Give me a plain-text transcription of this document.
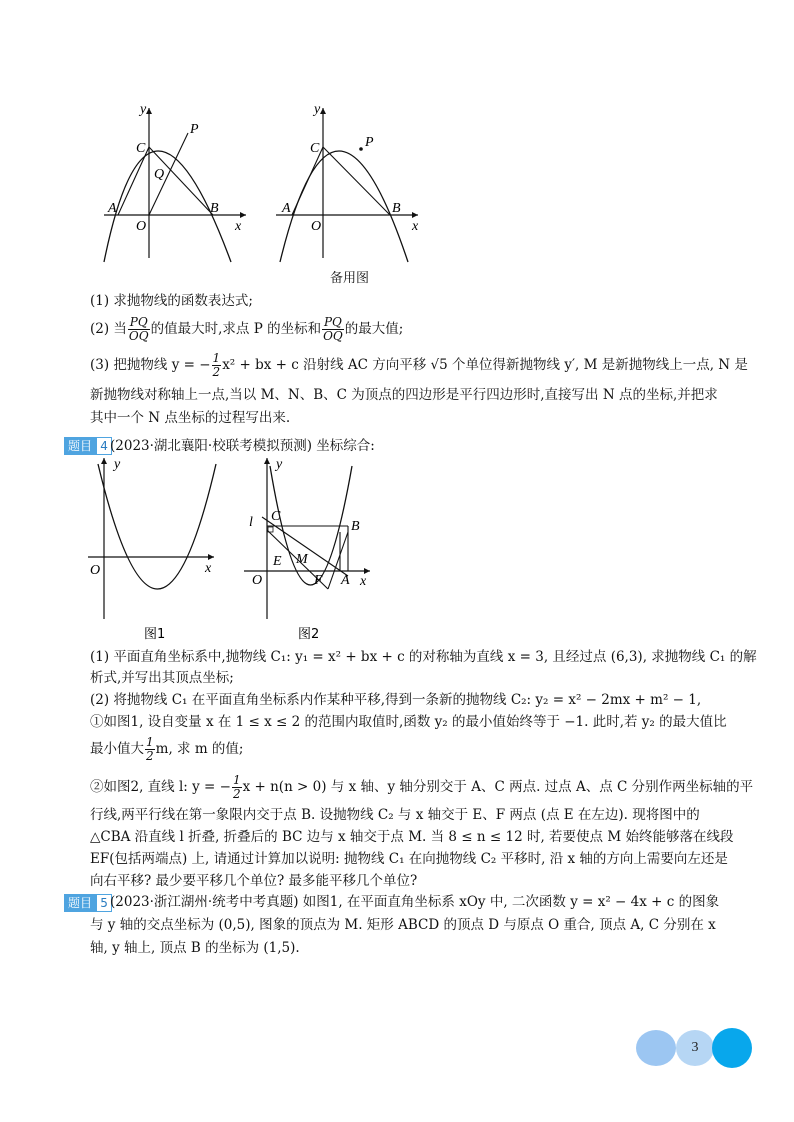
y
C
P
Q
A
O
B
x
y
C	P
A
O
B
x
备用图
(1) 求抛物线的函数表达式;
(2) 当 $\frac{PQ}{OQ}$ 的值最大时,求点 P 的坐标和 $\frac{PQ}{OQ}$ 的最大值;
(3) 把抛物线 y = − $\frac{1}{2} x^2$ + bx + c 沿射线 AC 方向平移 √5 个单位得新抛物线 y′, M 是新抛物线上一点, N 是
新抛物线对称轴上一点,当以 M、N、B、C 为顶点的四边形是平行四边形时,直接写出 N 点的坐标,并把求
其中一个 N 点坐标的过程写出来.
题目 4 (2023·湖北襄阳·校联考模拟预测) 坐标综合:
y
O	x
图1
y
l C
B
E M
O	F A x
图2
(1) 平面直角坐标系中,抛物线 C₁: y₁ = x² + bx + c 的对称轴为直线 x = 3, 且经过点 (6,3), 求抛物线 C₁ 的解
析式,并写出其顶点坐标;
(2) 将抛物线 C₁ 在平面直角坐标系内作某种平移,得到一条新的抛物线 C₂: y₂ = x² − 2mx + m² − 1,
①如图1, 设自变量 x 在 1 ≤ x ≤ 2 的范围内取值时,函数 y₂ 的最小值始终等于 −1. 此时,若 y₂ 的最大值比
最小值大 $\frac{1}{2} m$, 求 m 的值;
②如图2, 直线 l: y = − $\frac{1}{2}$ x + n(n > 0) 与 x 轴、y 轴分别交于 A、C 两点. 过点 A、点 C 分别作两坐标轴的平
行线,两平行线在第一象限内交于点 B. 设抛物线 C₂ 与 x 轴交于 E、F 两点 (点 E 在左边). 现将图中的
△CBA 沿直线 l 折叠, 折叠后的 BC 边与 x 轴交于点 M. 当 8 ≤ n ≤ 12 时, 若要使点 M 始终能够落在线段
EF(包括两端点) 上, 请通过计算加以说明: 抛物线 C₁ 在向抛物线 C₂ 平移时, 沿 x 轴的方向上需要向左还是
向右平移? 最少要平移几个单位? 最多能平移几个单位?
题目 5 (2023·浙江湖州·统考中考真题) 如图1, 在平面直角坐标系 xOy 中, 二次函数 y = x² − 4x + c 的图象
与 y 轴的交点坐标为 (0,5), 图象的顶点为 M. 矩形 ABCD 的顶点 D 与原点 O 重合, 顶点 A, C 分别在 x
轴, y 轴上, 顶点 B 的坐标为 (1,5).
3
